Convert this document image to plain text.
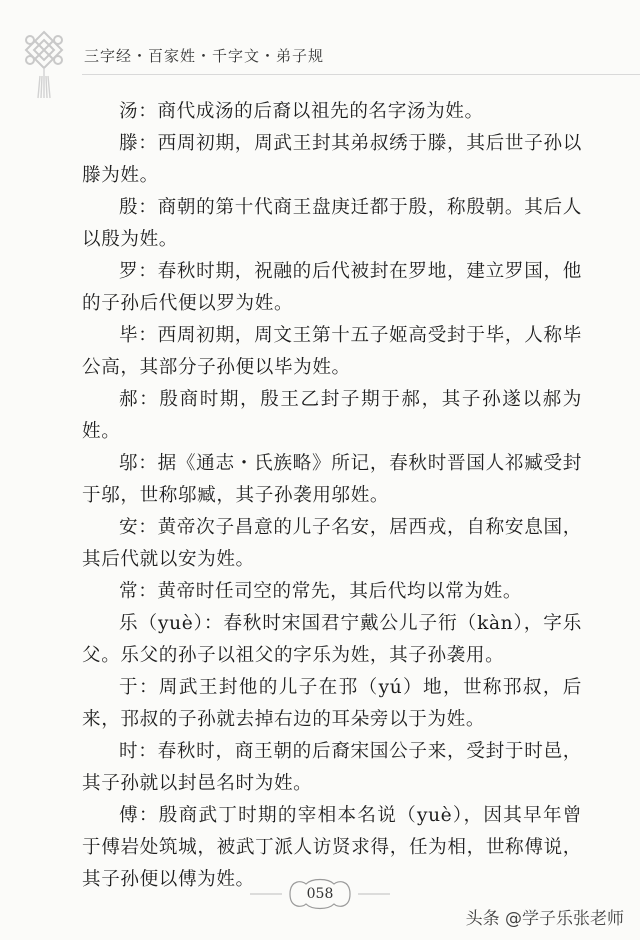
三字经・百家姓・千字文・弟子规

汤：商代成汤的后裔以祖先的名字汤为姓。

滕：西周初期，周武王封其弟叔绣于滕，其后世子孙以滕为姓。

殷：商朝的第十代商王盘庚迁都于殷，称殷朝。其后人以殷为姓。

罗：春秋时期，祝融的后代被封在罗地，建立罗国，他的子孙后代便以罗为姓。

毕：西周初期，周文王第十五子姬高受封于毕，人称毕公高，其部分子孙便以毕为姓。

郝：殷商时期，殷王乙封子期于郝，其子孙遂以郝为姓。

邬：据《通志・氏族略》所记，春秋时晋国人祁臧受封于邬，世称邬臧，其子孙袭用邬姓。

安：黄帝次子昌意的儿子名安，居西戎，自称安息国，其后代就以安为姓。

常：黄帝时任司空的常先，其后代均以常为姓。

乐（yuè）：春秋时宋国君宁戴公儿子衎（kàn），字乐父。乐父的孙子以祖父的字乐为姓，其子孙袭用。

于：周武王封他的儿子在邘（yú）地，世称邘叔，后来，邘叔的子孙就去掉右边的耳朵旁以于为姓。

时：春秋时，商王朝的后裔宋国公子来，受封于时邑，其子孙就以封邑名时为姓。

傅：殷商武丁时期的宰相本名说（yuè），因其早年曾于傅岩处筑城，被武丁派人访贤求得，任为相，世称傅说，其子孙便以傅为姓。

058
头条 @学子乐张老师
